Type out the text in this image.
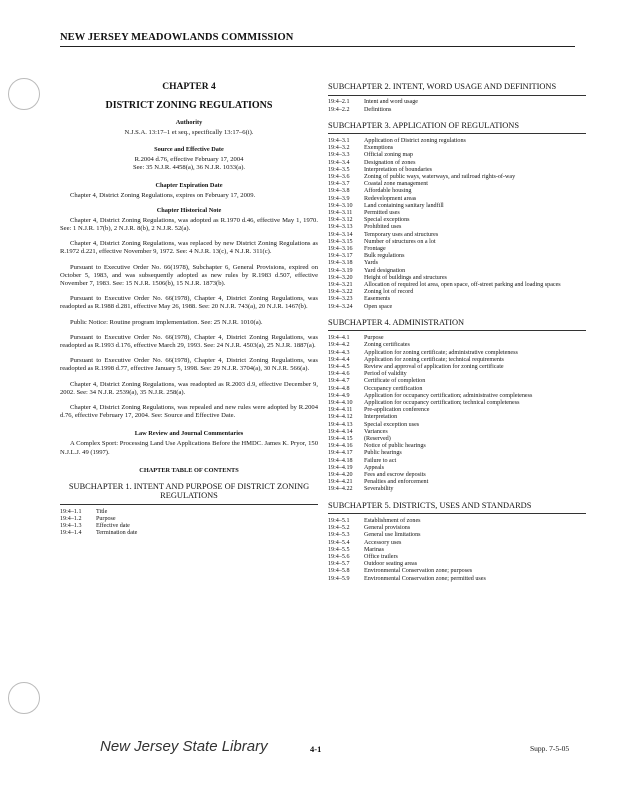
NEW JERSEY MEADOWLANDS COMMISSION
CHAPTER 4
DISTRICT ZONING REGULATIONS
Authority
N.J.S.A. 13:17–1 et seq., specifically 13:17–6(i).
Source and Effective Date
R.2004 d.76, effective February 17, 2004
See: 35 N.J.R. 4458(a), 36 N.J.R. 1033(a).
Chapter Expiration Date
Chapter 4, District Zoning Regulations, expires on February 17, 2009.
Chapter Historical Note

Chapter 4, District Zoning Regulations, was adopted as R.1970 d.46, effective May 1, 1970. See: 1 N.J.R. 17(b), 2 N.J.R. 8(b), 2 N.J.R. 52(a).

Chapter 4, District Zoning Regulations, was replaced by new District Zoning Regulations as R.1972 d.221, effective November 9, 1972. See: 4 N.J.R. 13(c), 4 N.J.R. 311(c).

Pursuant to Executive Order No. 66(1978), Subchapter 6, General Provisions, expired on October 5, 1983, and was subsequently adopted as new rules by R.1983 d.507, effective November 7, 1983. See: 15 N.J.R. 1506(b), 15 N.J.R. 1873(b).

Pursuant to Executive Order No. 66(1978), Chapter 4, District Zoning Regulations, was readopted as R.1988 d.281, effective May 26, 1988. See: 20 N.J.R. 743(a), 20 N.J.R. 1467(b).

Public Notice: Routine program implementation. See: 25 N.J.R. 1010(a).

Pursuant to Executive Order No. 66(1978), Chapter 4, District Zoning Regulations, was readopted as R.1993 d.176, effective March 29, 1993. See: 24 N.J.R. 4503(a), 25 N.J.R. 1887(a).

Pursuant to Executive Order No. 66(1978), Chapter 4, District Zoning Regulations, was readopted as R.1998 d.77, effective January 5, 1998. See: 29 N.J.R. 3704(a), 30 N.J.R. 566(a).

Chapter 4, District Zoning Regulations, was readopted as R.2003 d.9, effective December 9, 2002. See: 34 N.J.R. 2539(a), 35 N.J.R. 258(a).

Chapter 4, District Zoning Regulations, was repealed and new rules were adopted by R.2004 d.76, effective February 17, 2004. See: Source and Effective Date.

Law Review and Journal Commentaries

A Complex Sport: Processing Land Use Applications Before the HMDC. James K. Pryor, 150 N.J.L.J. 49 (1997).

CHAPTER TABLE OF CONTENTS
SUBCHAPTER 1. INTENT AND PURPOSE OF DISTRICT ZONING REGULATIONS
19:4–1.1	Title
19:4–1.2	Purpose
19:4–1.3	Effective date
19:4–1.4	Termination date
SUBCHAPTER 2. INTENT, WORD USAGE AND DEFINITIONS
19:4–2.1	Intent and word usage
19:4–2.2	Definitions
SUBCHAPTER 3. APPLICATION OF REGULATIONS
19:4–3.1	Application of District zoning regulations
19:4–3.2	Exemptions
19:4–3.3	Official zoning map
19:4–3.4	Designation of zones
19:4–3.5	Interpretation of boundaries
19:4–3.6	Zoning of public ways, waterways, and railroad rights-of-way
19:4–3.7	Coastal zone management
19:4–3.8	Affordable housing
19:4–3.9	Redevelopment areas
19:4–3.10	Land containing sanitary landfill
19:4–3.11	Permitted uses
19:4–3.12	Special exceptions
19:4–3.13	Prohibited uses
19:4–3.14	Temporary uses and structures
19:4–3.15	Number of structures on a lot
19:4–3.16	Frontage
19:4–3.17	Bulk regulations
19:4–3.18	Yards
19:4–3.19	Yard designation
19:4–3.20	Height of buildings and structures
19:4–3.21	Allocation of required lot area, open space, off-street parking and loading spaces
19:4–3.22	Zoning lot of record
19:4–3.23	Easements
19:4–3.24	Open space
SUBCHAPTER 4. ADMINISTRATION
19:4–4.1	Purpose
19:4–4.2	Zoning certificates
19:4–4.3	Application for zoning certificate; administrative completeness
19:4–4.4	Application for zoning certificate; technical requirements
19:4–4.5	Review and approval of application for zoning certificate
19:4–4.6	Period of validity
19:4–4.7	Certificate of completion
19:4–4.8	Occupancy certification
19:4–4.9	Application for occupancy certification; administrative completeness
19:4–4.10	Application for occupancy certification; technical completeness
19:4–4.11	Pre-application conference
19:4–4.12	Interpretation
19:4–4.13	Special exception uses
19:4–4.14	Variances
19:4–4.15	(Reserved)
19:4–4.16	Notice of public hearings
19:4–4.17	Public hearings
19:4–4.18	Failure to act
19:4–4.19	Appeals
19:4–4.20	Fees and escrow deposits
19:4–4.21	Penalties and enforcement
19:4–4.22	Severability
SUBCHAPTER 5. DISTRICTS, USES AND STANDARDS
19:4–5.1	Establishment of zones
19:4–5.2	General provisions
19:4–5.3	General use limitations
19:4–5.4	Accessory uses
19:4–5.5	Marinas
19:4–5.6	Office trailers
19:4–5.7	Outdoor seating areas
19:4–5.8	Environmental Conservation zone; purposes
19:4–5.9	Environmental Conservation zone; permitted uses
New Jersey State Library	4-1	Supp. 7-5-05
